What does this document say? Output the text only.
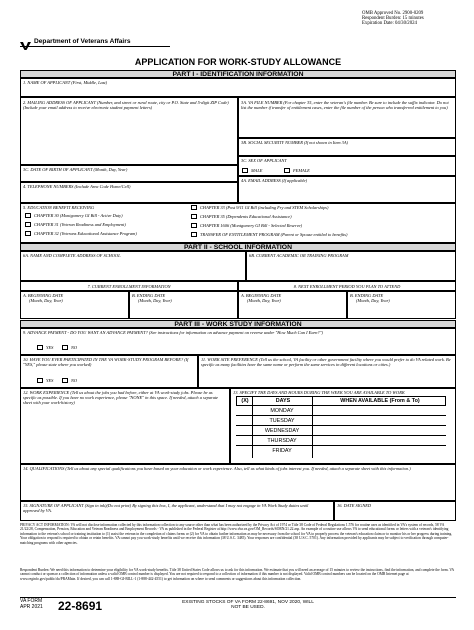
OMB Approved No. 2900-0209
Respondent Burden: 15 minutes
Expiration Date: 04/30/2024
Department of Veterans Affairs
APPLICATION FOR WORK-STUDY ALLOWANCE
PART I - IDENTIFICATION INFORMATION
1. NAME OF APPLICANT (First, Middle, Last)
2. MAILING ADDRESS OF APPLICANT (Number, and street or rural route, city or P.O. State and 5-digit ZIP Code) (Include your email address to receive electronic student payment letters)
3A. VA FILE NUMBER (For chapter 35, enter the veteran's file number. Be sure to include the suffix indicator. Do not list the number if transfer of entitlement cases, enter the file number of the person who transferred entitlement to you)
3B. SOCIAL SECURITY NUMBER (If not shown in Item 3A)
3C. DATE OF BIRTH OF APPLICANT (Month, Day, Year)
3C. SEX OF APPLICANT
MALE	FEMALE
4. TELEPHONE NUMBERS (Include Area Code Home/Cell)
4A. EMAIL ADDRESS (If applicable)
5. EDUCATION BENEFIT RECEIVING
CHAPTER 30 (Montgomery GI Bill - Active Duty)
CHAPTER 31 (Veteran Readiness and Employment)
CHAPTER 32 (Veterans Educational Assistance Program)
CHAPTER 33 (Post 9/11 GI Bill (including Fry and STEM Scholarships)
CHAPTER 35 (Dependents Educational Assistance)
CHAPTER 1606 (Montgomery GI Bill - Selected Reserve)
TRANSFER OF ENTITLEMENT PROGRAM (Parent or Spouse entitled to benefits)
PART II - SCHOOL INFORMATION
6A. NAME AND COMPLETE ADDRESS OF SCHOOL	6B. CURRENT ACADEMIC OR TRAINING PROGRAM
7. CURRENT ENROLLMENT INFORMATION	8. NEXT ENROLLMENT PERIOD YOU PLAN TO ATTEND
A. BEGINNING DATE
(Month, Day, Year)
B. ENDING DATE
(Month, Day, Year)
A. BEGINNING DATE
(Month, Day, Year)
B. ENDING DATE
(Month, Day, Year)
PART III - WORK STUDY INFORMATION
9. ADVANCE PAYMENT - DO YOU WANT AN ADVANCE PAYMENT? (See instructions for information on advance payment on reverse under "How Much Can I Earn?")
YES	NO
10. HAVE YOU EVER PARTICIPATED IN THE VA WORK-STUDY PROGRAM BEFORE? (If "YES," please state where you worked)
YES	NO
11. WORK SITE PREFERENCE (Tell us the school, VA facility or other government facility where you would prefer to do VA related work. Be specific as many facilities have the same name or perform the same services in different locations or cities.)
12. WORK EXPERIENCE (Tell us about the jobs you had before, either at VA work-study jobs. Please be as specific as possible. If you have no work experience, please "NONE" in this space. If needed, attach a separate sheet with your work-history)
13. SPECIFY THE DAYS AND HOURS DURING THE WEEK YOU ARE AVAILABLE TO WORK
(X)	DAYS	WHEN AVAILABLE (From & To)
MONDAY
TUESDAY
WEDNESDAY
THURSDAY
FRIDAY
14. QUALIFICATIONS (Tell us about any special qualifications you have based on your education or work experience. Also, tell us what kinds of jobs interest you. If needed, attach a separate sheet with this information.)
15. SIGNATURE OF APPLICANT (Sign in ink)(Do not print) By signing this box, I, the applicant, understand that I may not engage in VA Work Study duties until approved by VA.
16. DATE SIGNED
PRIVACY ACT INFORMATION: VA will not disclose information collected by this information collection to any source other than what has been authorized by the Privacy Act of 1974 or Title 38 Code of Federal Regulations 1.576 for routine uses as identified in VA's system of records, 58 VA 21/22/28, Compensation, Pension, Education and Veteran Readiness and Employment Records - VA as published in the Federal Register at http://www.vba.va.gov/OM_Records/SORN/21.22.asp. An example of a routine use allows VA to send educational forms or letters with a veteran's identifying information to the veteran's school or training institution to (1) assist the veteran in the completion of claims forms or (2) for VA to obtain further information as may be necessary from the school for VA to properly process the veteran's education claim or to monitor his or her progress during training. Your obligation to respond is required to obtain or retain benefits. VA cannot pay you work-study benefits until we receive this information (38 U.S.C. 3485). Your responses are confidential (38 U.S.C. 5701). Any information provided by applicants may be subject to verification through computer-matching programs with other agencies.
Respondent Burden: We need this information to determine your eligibility for VA work-study benefits. Title 38 United States Code allows us to ask for this information. We estimate that you will need an average of 15 minutes to review the instructions, find the information, and complete the form. VA cannot conduct or sponsor a collection of information unless a valid OMB control number is displayed. You are not required to respond to a collection of information if this number is not displayed. Valid OMB control numbers can be located on the OMB Internet page at www.reginfo.gov/public/do/PRAMain. If desired, you can call 1-888-GI-BILL-1 (1-888-442-4551) to get information on where to send comments or suggestions about this information collection.
VA FORM
APR 2021 22-8691	EXISTING STOCKS OF VA FORM 22-8691, NOV 2020, WILL NOT BE USED.
